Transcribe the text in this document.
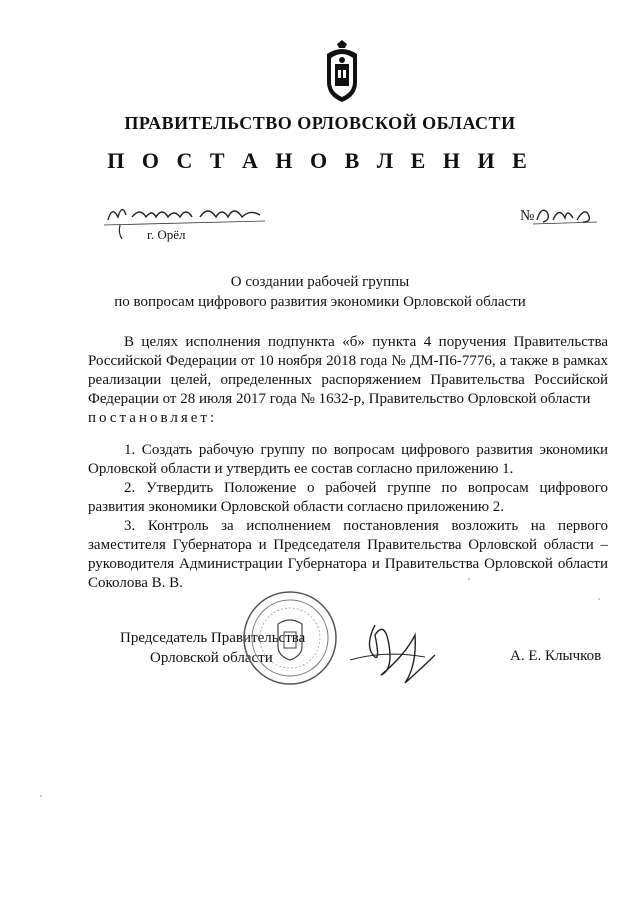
ПРАВИТЕЛЬСТВО ОРЛОВСКОЙ ОБЛАСТИ
П О С Т А Н О В Л Е Н И Е
г. Орёл
№
О создании рабочей группы
по вопросам цифрового развития экономики Орловской области
В целях исполнения подпункта «б» пункта 4 поручения Правительства Российской Федерации от 10 ноября 2018 года № ДМ-П6-7776, а также в рамках реализации целей, определенных распоряжением Правительства Российской Федерации от 28 июля 2017 года № 1632-р, Правительство Орловской области
постановляет:
1. Создать рабочую группу по вопросам цифрового развития экономики Орловской области и утвердить ее состав согласно приложению 1.
2. Утвердить Положение о рабочей группе по вопросам цифрового развития экономики Орловской области согласно приложению 2.
3. Контроль за исполнением постановления возложить на первого заместителя Губернатора и Председателя Правительства Орловской области – руководителя Администрации Губернатора и Правительства Орловской области Соколова В. В.
Председатель Правительства
Орловской области	А. Е. Клычков
